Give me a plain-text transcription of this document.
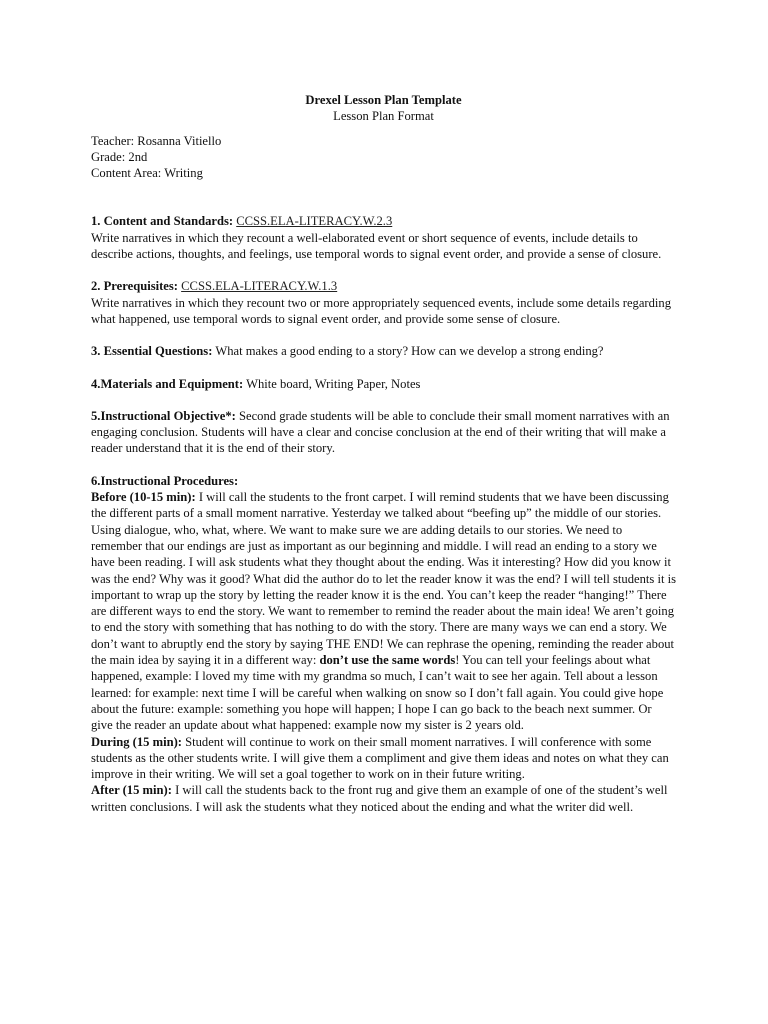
Drexel Lesson Plan Template

Lesson Plan Format

Teacher: Rosanna Vitiello

Grade: 2nd

Content Area: Writing

1. Content and Standards: CCSS.ELA-LITERACY.W.2.3

Write narratives in which they recount a well-elaborated event or short sequence of events, include details to describe actions, thoughts, and feelings, use temporal words to signal event order, and provide a sense of closure.

2. Prerequisites: CCSS.ELA-LITERACY.W.1.3

Write narratives in which they recount two or more appropriately sequenced events, include some details regarding what happened, use temporal words to signal event order, and provide some sense of closure.

3. Essential Questions: What makes a good ending to a story? How can we develop a strong ending?

4.Materials and Equipment: White board, Writing Paper, Notes

5.Instructional Objective*: Second grade students will be able to conclude their small moment narratives with an engaging conclusion. Students will have a clear and concise conclusion at the end of their writing that will make a reader understand that it is the end of their story.

6.Instructional Procedures:

Before (10-15 min): I will call the students to the front carpet. I will remind students that we have been discussing the different parts of a small moment narrative. Yesterday we talked about “beefing up” the middle of our stories. Using dialogue, who, what, where. We want to make sure we are adding details to our stories. We need to remember that our endings are just as important as our beginning and middle. I will read an ending to a story we have been reading. I will ask students what they thought about the ending. Was it interesting? How did you know it was the end? Why was it good? What did the author do to let the reader know it was the end? I will tell students it is important to wrap up the story by letting the reader know it is the end. You can’t keep the reader “hanging!” There are different ways to end the story. We want to remember to remind the reader about the main idea! We aren’t going to end the story with something that has nothing to do with the story. There are many ways we can end a story. We don’t want to abruptly end the story by saying THE END! We can rephrase the opening, reminding the reader about the main idea by saying it in a different way: don’t use the same words! You can tell your feelings about what happened, example: I loved my time with my grandma so much, I can’t wait to see her again. Tell about a lesson learned: for example: next time I will be careful when walking on snow so I don’t fall again. You could give hope about the future: example: something you hope will happen; I hope I can go back to the beach next summer. Or give the reader an update about what happened: example now my sister is 2 years old.

During (15 min): Student will continue to work on their small moment narratives. I will conference with some students as the other students write. I will give them a compliment and give them ideas and notes on what they can improve in their writing. We will set a goal together to work on in their future writing.

After (15 min): I will call the students back to the front rug and give them an example of one of the student’s well written conclusions. I will ask the students what they noticed about the ending and what the writer did well.
